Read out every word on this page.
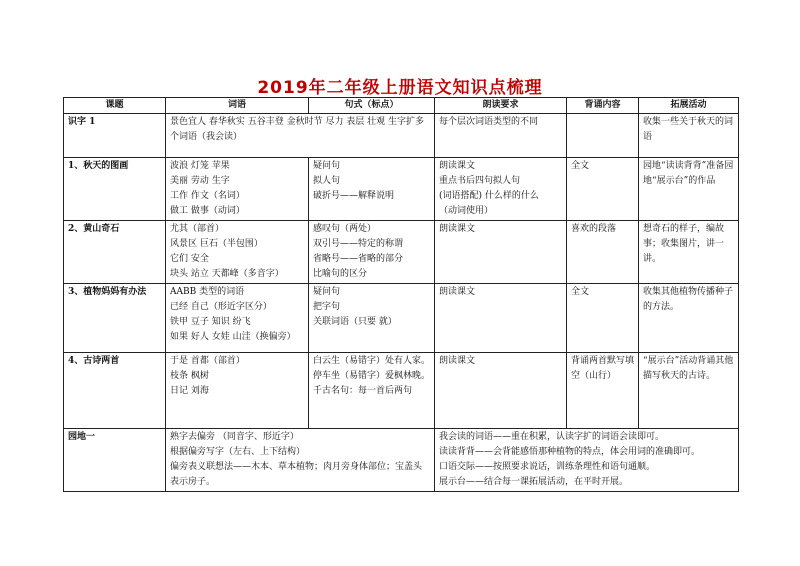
2019年二年级上册语文知识点梳理
课题	词语	句式（标点）	朗读要求	背诵内容	拓展活动
识字 1	景色宜人 春华秋实 五谷丰登 金秋时节 尽力 表层 壮观 生字扩多个词语（我会读）		每个层次词语类型的不同		收集一些关于秋天的词语
1、秋天的图画	波浪 灯笼 苹果
美丽 劳动 生字
工作 作文（名词）
做工 做事（动词）	疑问句
拟人句
破折号——解释说明	朗读课文
重点书后四句拟人句
(词语搭配) 什么样的什么
（动词使用）	全文	园地“读读背背”准备园地“展示台”的作品
2、黄山奇石	尤其（部首）
风景区 巨石（半包围）
它们 安全
块头 站立 天都峰（多音字）	感叹句（两处）
双引号——特定的称谓
省略号——省略的部分
比喻句的区分	朗读课文	喜欢的段落	想奇石的样子，编故事；收集图片，讲一讲。
3、植物妈妈有办法	AABB 类型的词语
已经 自己（形近字区分）
铁甲 豆子 知识 纷飞
如果 好人 女娃 山洼（换偏旁）	疑问句
把字句
关联词语（只要 就）	朗读课文	全文	收集其他植物传播种子的方法。
4、古诗两首	于是 首都（部首）
枝条 枫树
日记 刘海	白云生（易错字）处有人家。停车坐（易错字）爱枫林晚。千古名句：每一首后两句	朗读课文	背诵两首默写填空（山行）	“展示台”活动背诵其他描写秋天的古诗。
园地一	熟字去偏旁 （同音字、形近字）
根据偏旁写字（左右、上下结构）
偏旁表义联想法——木本、草本植物；肉月旁身体部位；宝盖头表示房子。		我会读的词语——重在积累，认读字扩的词语会读即可。
读读背背——会背能感悟那种植物的特点，体会用词的准确即可。
口语交际——按照要求说话，训练条理性和语句通顺。
展示台——结合每一课拓展活动，在平时开展。		
